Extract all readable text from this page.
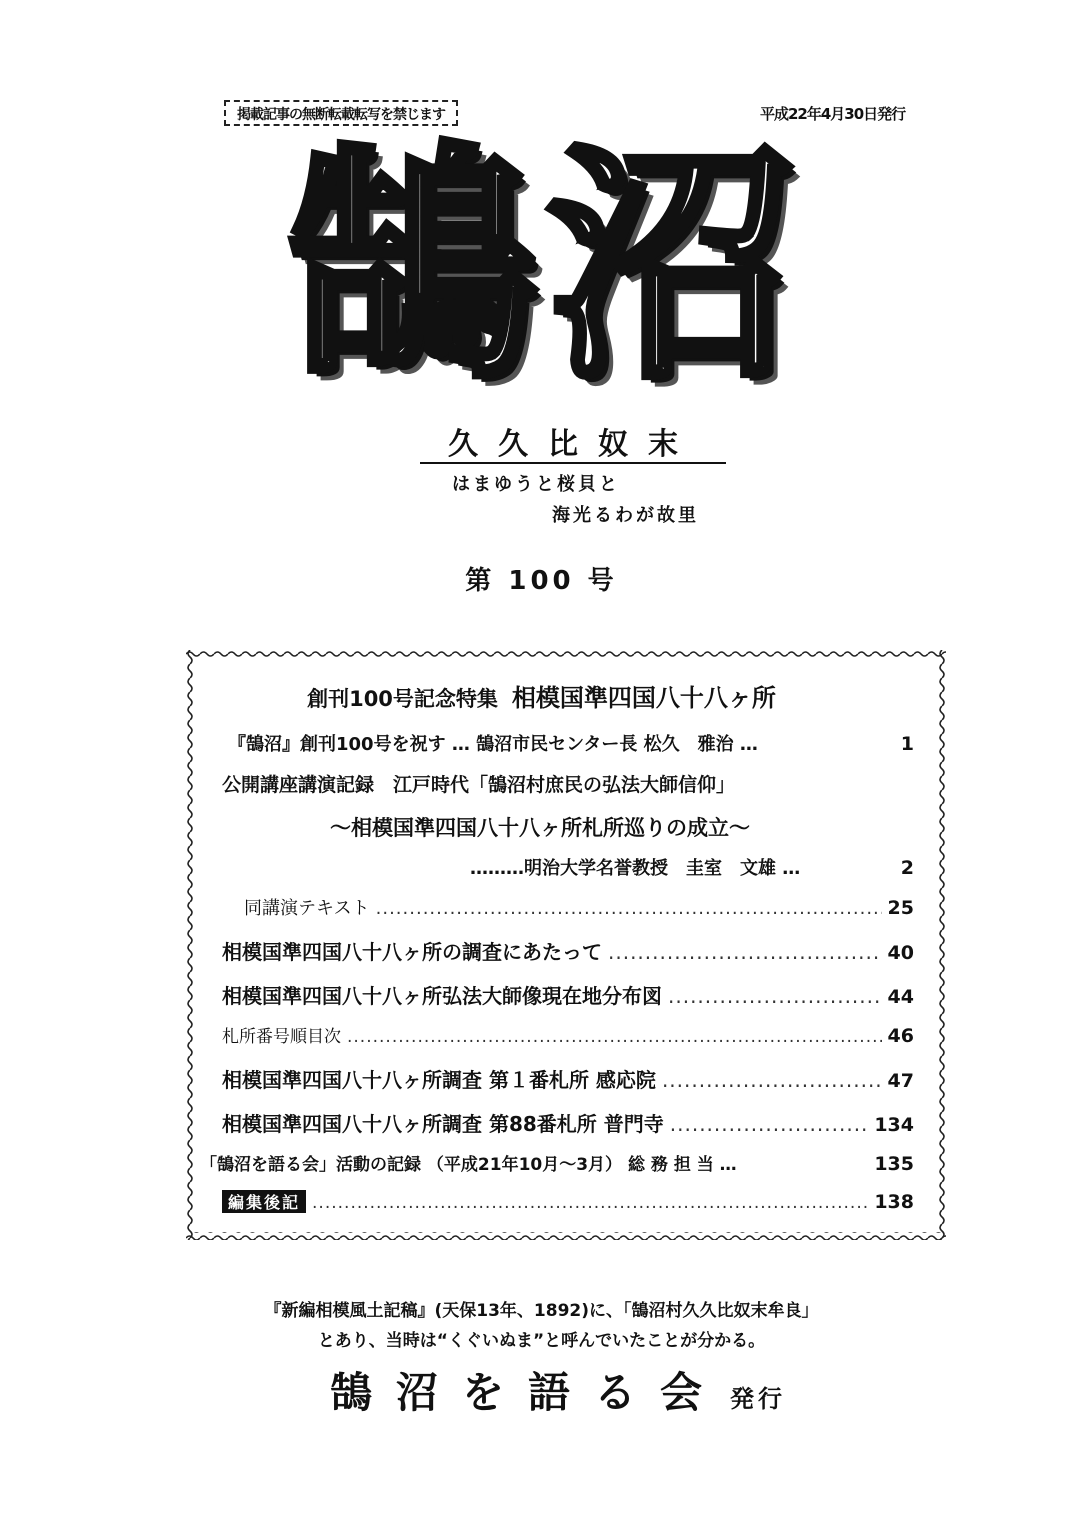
掲載記事の無断転載転写を禁じます	平成22年4月30日発行
鵠沼
久久比奴末
はまゆうと桜貝と
海光るわが故里
第 100 号
創刊100号記念特集 相模国準四国八十八ヶ所
『鵠沼』創刊100号を祝す … 鵠沼市民センター長 松久　雅治 …	1
公開講座講演記録　江戸時代「鵠沼村庶民の弘法大師信仰」
～相模国準四国八十八ヶ所札所巡りの成立～
………明治大学名誉教授　圭室　文雄 …	2
同講演テキスト .....	25
相模国準四国八十八ヶ所の調査にあたって .....	40
相模国準四国八十八ヶ所弘法大師像現在地分布図 .....	44
札所番号順目次 .....	46
相模国準四国八十八ヶ所調査 第１番札所 感応院 .....	47
相模国準四国八十八ヶ所調査 第88番札所 普門寺 .....	134
「鵠沼を語る会」活動の記録 （平成21年10月～3月） 総 務 担 当 …	135
編集後記 .....	138
『新編相模風土記稿』(天保13年、1892)に、「鵠沼村久久比奴末牟良」
とあり、当時は“くぐいぬま”と呼んでいたことが分かる。
鵠沼を語る会 発行
